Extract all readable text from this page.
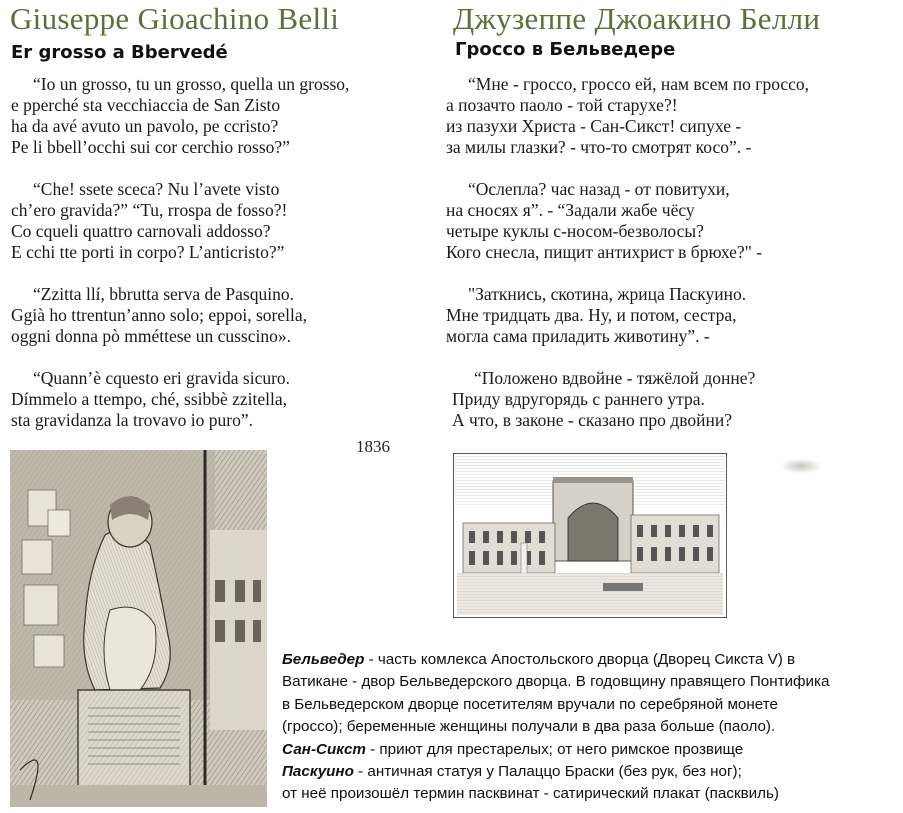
Giuseppe Gioachino Belli
Er grosso a Bbervedé
Джузеппе Джоакино Белли
Гроссо в Бельведере
“Io un grosso, tu un grosso, quella un grosso,
e pperché sta vecchiaccia de San Zisto
ha da avé avuto un pavolo, pe ccristo?
Pe li bbell’occhi sui cor cerchio rosso?”
“Che! ssete sceca? Nu l’avete visto
ch’ero gravida?” “Tu, rrospa de fosso?!
Co cqueli quattro carnovali addosso?
E cchi tte porti in corpo? L’anticristo?”
“Zzitta llí, bbrutta serva de Pasquino.
Ggià ho ttrentun’anno solo; eppoi, sorella,
oggni donna pò mméttese un cusscino».
“Quann’è cquesto eri gravida sicuro.
Dímmelo a ttempo, ché, ssibbè zzitella,
sta gravidanza la trovavo io puro”.
1836
“Мне - гроссо, гроссо ей, нам всем по гроссо,
а позачто паоло - той старухе?!
из пазухи Христа - Сан-Сикст! сипухе -
за милы глазки? - что-то смотрят косо”. -
“Ослепла? час назад - от повитухи,
на сносях я”. - “Задали жабе чёсу
четыре куклы с-носом-безволосы?
Кого снесла, пищит антихрист в брюхе?" -
"Заткнись, скотина, жрица Паскуино.
Мне тридцать два. Ну, и потом, сестра,
могла сама приладить животину”. -
“Положено вдвойне - тяжёлой донне?
Приду вдругорядь с раннего утра.
А что, в законе - сказано про двойни?
Бельведер - часть комлекса Апостольского дворца (Дворец Сикста V) в
Ватикане - двор Бельведерского дворца. В годовщину правящего Понтифика
в Бельведерском дворце посетителям вручали по серебряной монете
(гроссо); беременные женщины получали в два раза больше (паоло).
Сан-Сикст - приют для престарелых; от него римское прозвище
Паскуино - античная статуя у Палаццо Браски (без рук, без ног);
от неё произошёл термин пасквинат - сатирический плакат (пасквиль)
